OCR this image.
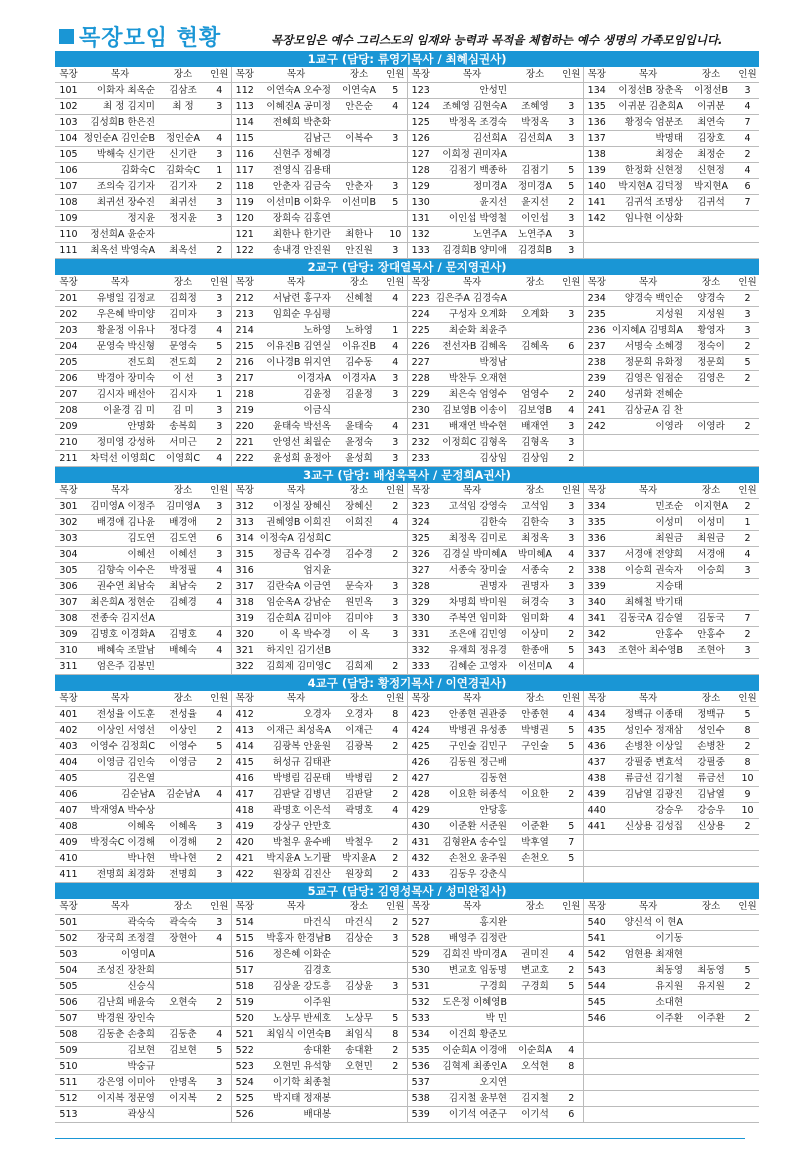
목장모임 현황	목장모임은 예수 그리스도의 임재와 능력과 목적을 체험하는 예수 생명의 가족모임입니다.
1교구 (담당: 류영기목사 / 최혜심권사)															
목장	목자	장소	인원	목장	목자	장소	인원	목장	목자	장소	인원	목장	목자	장소	인원
101	이화자 최옥순	김삼조	4	112	이연숙A 오수정	이연숙A	5	123	안성민			134	이정선B 장춘옥	이정선B	3
102	최 정 김지미	최 정	3	113	이혜진A 공미정	안은순	4	124	조혜영 김현숙A	조혜영	3	135	이귀분 김춘희A	이귀분	4
103	김성희B 한은진			114	전혜희 박춘화			125	박정옥 조경숙	박정옥	3	136	황정숙 엄분조	최연숙	7
104	정인순A 김인순B	정인순A	4	115	김남근	이복수	3	126	김선희A	김선희A	3	137	박명태	김장호	4
105	박해숙 신기란	신기란	3	116	신현주 정혜경			127	이희정 권미자A			138	최정순	최정순	2
106	김화숙C	김화숙C	1	117	전영식 김용태			128	김점기 백종하	김점기	5	139	한정화 신현정	신현정	4
107	조의숙 김기자	김기자	2	118	안춘자 김금숙	안춘자	3	129	정미경A	정미경A	5	140	박지현A 김덕정	박지현A	6
108	최귀선 장수진	최귀선	3	119	이선미B 이화우	이선미B	5	130	윤지선	윤지선	2	141	김귀석 조명상	김귀석	7
109	정지윤	정지윤	3	120	장희숙 김홍연			131	이인섭 박영철	이인섭	3	142	임나현 이상화		
110	정선희A 윤순자			121	최한나 한기란	최한나	10	132	노연주A	노연주A	3				
111	최옥선 박영숙A	최옥선	2	122	송내경 안진원	안진원	3	133	김경희B 양미애	김경희B	3				
2교구 (담당: 장대열목사 / 문지영권사)															
목장	목자	장소	인원	목장	목자	장소	인원	목장	목자	장소	인원	목장	목자	장소	인원
201	유병일 김정교	김희정	3	212	서남련 홍구자	신혜철	4	223	김은주A 김경숙A			234	양경숙 백인순	양경숙	2
202	우은혜 박미양	김미자	3	213	임희순 우심평			224	구성자 오계화	오계화	3	235	지성원	지성원	3
203	황윤정 이유나	정다경	4	214	노하영	노하영	1	225	최순화 최윤주			236	이지혜A 김명희A	황영자	3
204	문영숙 박신형	문영숙	5	215	이유진B 김연실	이유진B	4	226	전선자B 김혜옥	김혜옥	6	237	서명숙 소혜경	정숙이	2
205	전도희	전도희	2	216	이나경B 위지연	김수동	4	227	박정남			238	정문희 유화정	정문희	5
206	박경아 장미숙	이 선	3	217	이경자A	이경자A	3	228	박찬두 오재현			239	김영은 임점순	김영은	2
207	김시자 배선아	김시자	1	218	김윤정	김윤정	3	229	최은숙 엄영수	엄영수	2	240	성귀화 전혜순		
208	이윤경 김 미	김 미	3	219	이금식			230	김보영B 이송이	김보영B	4	241	김상균A 김 찬		
209	안명화	송복희	3	220	윤태숙 박선옥	윤태숙	4	231	배재연 박수현	배재연	3	242	이영라	이영라	2
210	정미영 강성하	서미근	2	221	안영선 최월순	윤정숙	3	232	이정희C 김형옥	김형옥	3				
211	차덕선 이영희C	이영희C	4	222	윤성희 윤정아	윤성희	3	233	김상임	김상임	2				
3교구 (담당: 배성욱목사 / 문정희A권사)															
목장	목자	장소	인원	목장	목자	장소	인원	목장	목자	장소	인원	목장	목자	장소	인원
301	김미영A 이정주	김미영A	3	312	이정실 장혜신	장혜신	2	323	고석임 강영숙	고석임	3	334	민조순	이지현A	2
302	배경애 김나윤	배경애	2	313	권혜영B 이희진	이희진	4	324	김한숙	김한숙	3	335	이성미	이성미	1
303	김도연	김도연	6	314	이정숙A 김성희C			325	최정옥 김미로	최정옥	3	336	최원금	최원금	2
304	이혜선	이혜선	3	315	정금옥 김수경	김수경	2	326	김경실 박미혜A	박미혜A	4	337	서경애 전양희	서경애	4
305	김향숙 이수은	박정필	4	316	엄지윤			327	서종숙 장미술	서종숙	2	338	이승희 권숙자	이승희	3
306	권수연 최남숙	최남숙	2	317	김란숙A 이금연	문숙자	3	328	권명자	권명자	3	339	지승태		
307	최은희A 정현순	김혜경	4	318	임순옥A 강남순	원민옥	3	329	차명희 박미원	허경숙	3	340	최해철 박기태		
308	전종숙 김지선A			319	김순희A 김미야	김미야	3	330	주복연 임미화	임미화	4	341	김동국A 김승열	김동국	7
309	김명호 이경화A	김명호	4	320	이 옥 박수경	이 옥	3	331	조은애 김민영	이상미	2	342	안홍수	안홍수	2
310	배혜숙 조말남	배혜숙	4	321	하지인 김기선B			332	유재희 정유경	한종애	5	343	조현아 최수영B	조현아	3
311	엄은주 김봉민			322	김희제 김미영C	김희제	2	333	김혜순 고영자	이선미A	4				
4교구 (담당: 황정기목사 / 이연경권사)															
목장	목자	장소	인원	목장	목자	장소	인원	목장	목자	장소	인원	목장	목자	장소	인원
401	전성율 이도훈	전성율	4	412	오경자	오경자	8	423	안종현 권관중	안종현	4	434	정백규 이종태	정백규	5
402	이상인 서영선	이상인	2	413	이재근 최성옥A	이재근	4	424	박병권 유성종	박병권	5	435	성인수 정재삼	성인수	8
403	이영수 김정희C	이영수	5	414	김광복 안윤원	김광복	2	425	구인술 김민구	구인술	5	436	손병찬 이상일	손병찬	2
404	이영금 김인숙	이영금	2	415	허성규 김태관			426	김동원 정근배			437	강필중 변효석	강필중	8
405	김은열			416	박병림 김문태	박병림	2	427	김동현			438	류금선 김기철	류금선	10
406	김순남A	김순남A	4	417	김판달 김병년	김판달	2	428	이요한 허종석	이요한	2	439	김남열 김광진	김남열	9
407	박재영A 박수상			418	곽명호 이은석	곽명호	4	429	안당홍			440	강승우	강승우	10
408	이혜옥	이혜옥	3	419	강상구 안만호			430	이준환 서준원	이준환	5	441	신상용 김성집	신상용	2
409	박정숙C 이경해	이경해	2	420	박철우 윤수배	박철우	2	431	김형완A 송수일	박후열	7				
410	박나현	박나현	2	421	박지윤A 노기팔	박지윤A	2	432	손천오 윤주원	손천오	5				
411	전명희 최경화	전명희	3	422	원장희 김진산	원장희	2	433	김동우 강춘식						
5교구 (담당: 김영성목사 / 성미완집사)															
목장	목자	장소	인원	목장	목자	장소	인원	목장	목자	장소	인원	목장	목자	장소	인원
501	곽숙숙	곽숙숙	3	514	마건식	마건식	2	527	홍지완			540	양신석 이 현A		
502	장국희 조정결	장현아	4	515	박홍자 한경남B	김상순	3	528	배영주 김정란			541	이기동		
503	이영미A			516	정은혜 이화순			529	김희진 박미경A	권미진	4	542	엄현용 최재현		
504	조성진 장찬희			517	김경호			530	변교호 임동명	변교호	2	543	최동영	최동영	5
505	신승식			518	김상윤 강도흥	김상윤	3	531	구경희	구경희	5	544	유지원	유지원	2
506	김난희 배윤숙	오현숙	2	519	이주원			532	도은정 이혜영B			545	소대현		
507	박경원 장인숙			520	노상무 반세호	노상무	5	533	박 민			546	이주환	이주환	2
508	김동춘 손충희	김동춘	4	521	최임식 이연숙B	최임식	8	534	이건희 황준모						
509	김보현	김보현	5	522	송대환	송대환	2	535	이순희A 이경애	이순희A	4				
510	박숭규			523	오현민 유석향	오현민	2	536	김혁제 최종인A	오석현	8				
511	강은영 이미아	안명옥	3	524	이기학 최종철			537	오지연						
512	이지복 정문영	이지복	2	525	박지태 정재봉			538	김지철 윤부현	김지철	2				
513	곽상식			526	배대봉			539	이기석 여준구	이기석	6				
